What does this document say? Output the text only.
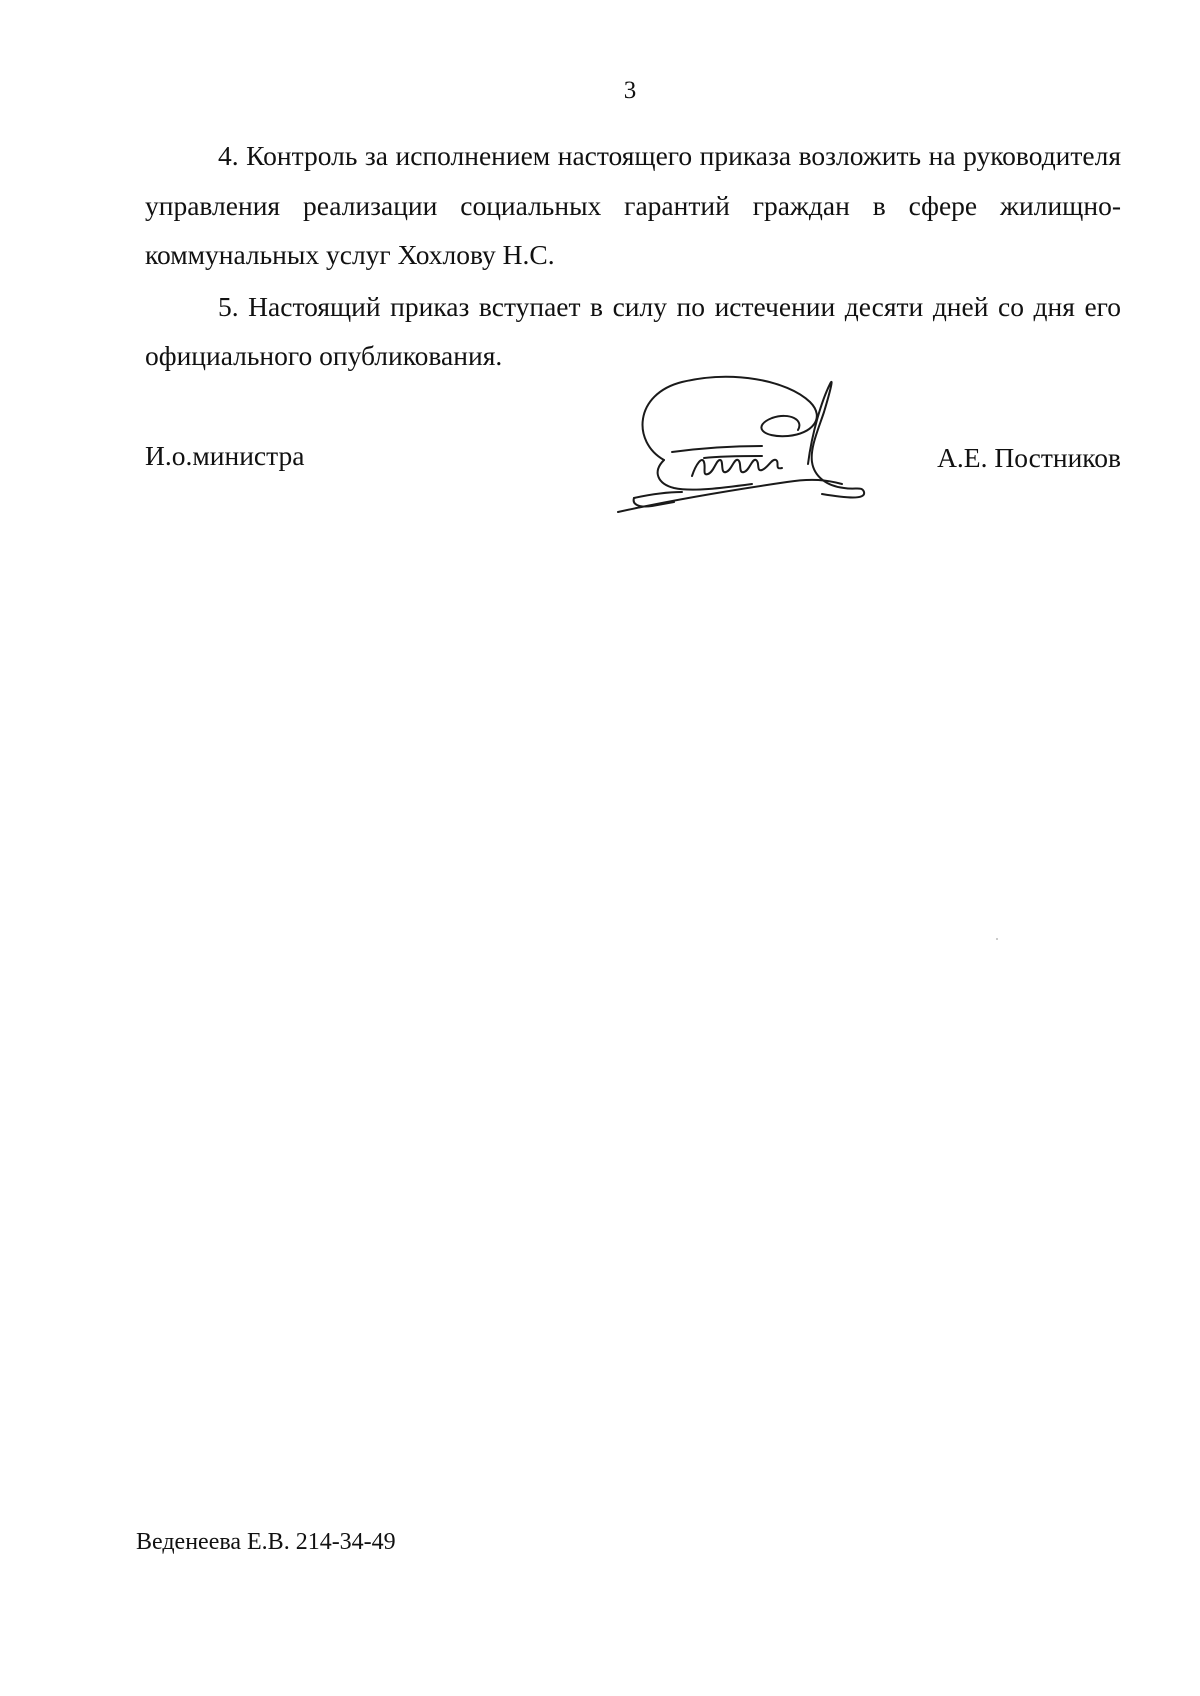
3

4. Контроль за исполнением настоящего приказа возложить на руководителя управления реализации социальных гарантий граждан в сфере жилищно-коммунальных услуг Хохлову Н.С.

5. Настоящий приказ вступает в силу по истечении десяти дней со дня его официального опубликования.

И.о.министра	А.Е. Постников
Веденеева Е.В. 214-34-49
